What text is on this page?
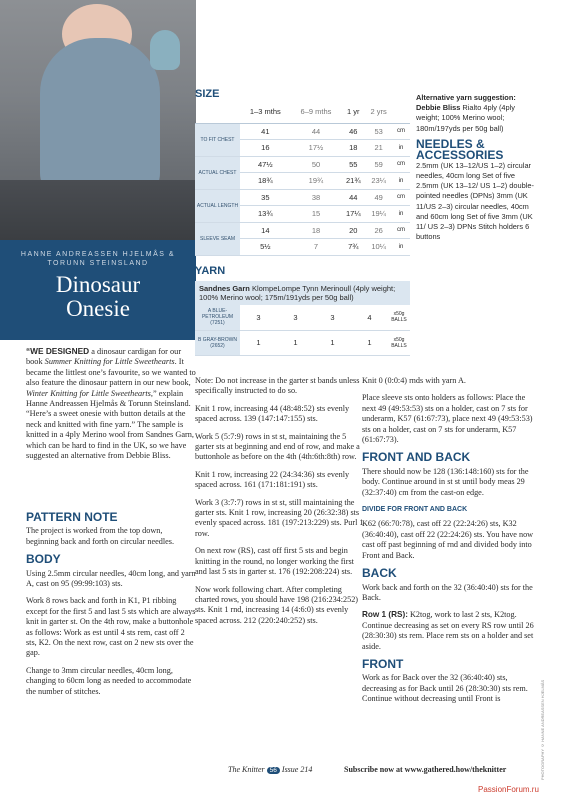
HANNE ANDREASSEN HJELMÅS & TORUNN STEINSLAND
Dinosaur
Onesie
“WE DESIGNED a dinosaur cardigan for our book Summer Knitting for Little Sweethearts. It became the littlest one’s favourite, so we wanted to also feature the dinosaur pattern in our new book, Winter Knitting for Little Sweethearts,” explain Hanne Andreassen Hjelmås & Torunn Steinsland. “Here’s a sweet onesie with button details at the neck and knitted with fine yarn.” The sample is knitted in a 4ply Merino wool from Sandnes Garn, which can be hard to find in the UK, so we have suggested an alternative from Debbie Bliss.
PATTERN NOTE

The project is worked from the top down, beginning back and forth on circular needles.

BODY

Using 2.5mm circular needles, 40cm long, and yarn A, cast on 95 (99:99:103) sts.

Work 8 rows back and forth in K1, P1 ribbing except for the first 5 and last 5 sts which are always knit in garter st. On the 4th row, make a buttonhole as follows: Work as est until 4 sts rem, cast off 2 sts, K2. On the next row, cast on 2 new sts over the gap.

Change to 3mm circular needles, 40cm long, changing to 60cm long as needed to accommodate the number of stitches.

Note: Do not increase in the garter st bands unless specifically instructed to do so.

Knit 1 row, increasing 44 (48:48:52) sts evenly spaced across. 139 (147:147:155) sts.

Work 5 (5:7:9) rows in st st, maintaining the 5 garter sts at beginning and end of row, and make a buttonhole as before on the 4th (4th:6th:8th) row.

Knit 1 row, increasing 22 (24:34:36) sts evenly spaced across. 161 (171:181:191) sts.

Work 3 (3:7:7) rows in st st, still maintaining the garter sts. Knit 1 row, increasing 20 (26:32:38) sts evenly spaced across. 181 (197:213:229) sts. Purl 1 row.

On next row (RS), cast off first 5 sts and begin knitting in the round, no longer working the first and last 5 sts in garter st. 176 (192:208:224) sts.

Now work following chart. After completing charted rows, you should have 198 (216:234:252) sts. Knit 1 rnd, increasing 14 (4:6:0) sts evenly spaced across. 212 (220:240:252) sts.

Knit 0 (0:0:4) rnds with yarn A.

Place sleeve sts onto holders as follows: Place the next 49 (49:53:53) sts on a holder, cast on 7 sts for underarm, K57 (61:67:73), place next 49 (49:53:53) sts on a holder, cast on 7 sts for underarm, K57 (61:67:73).

FRONT AND BACK

There should now be 128 (136:148:160) sts for the body. Continue around in st st until body meas 29 (32:37:40) cm from the cast-on edge.

DIVIDE FOR FRONT AND BACK

K62 (66:70:78), cast off 22 (22:24:26) sts, K32 (36:40:40), cast off 22 (22:24:26) sts. You have now cast off past beginning of rnd and divided body into Front and Back.

BACK

Work back and forth on the 32 (36:40:40) sts for the Back.

Row 1 (RS): K2tog, work to last 2 sts, K2tog. Continue decreasing as set on every RS row until 26 (28:30:30) sts rem. Place rem sts on a holder and set aside.

FRONT

Work as for Back over the 32 (36:40:40) sts, decreasing as for Back until 26 (28:30:30) sts rem. Continue without decreasing until Front is

SIZE
	1–3 mths	6–9 mths	1 yr	2 yrs	
TO FIT CHEST	41	44	46	53	cm
	16	17½	18	21	in
ACTUAL CHEST	47½	50	55	59	cm
	18¾	19¾	21¾	23¼	in
ACTUAL LENGTH	35	38	44	49	cm
	13¾	15	17¼	19¼	in
SLEEVE SEAM	14	18	20	26	cm
	5½	7	7¾	10¼	in
YARN
Sandnes Garn KlompeLompe Tynn Merinoull (4ply weight; 100% Merino wool; 175m/191yds per 50g ball)
A BLUE-PETROLEUM (7251)	3	3	3	4	x50g BALLS
B GRAY-BROWN (2652)	1	1	1	1	x50g BALLS
Alternative yarn suggestion:
Debbie Bliss Rialto 4ply (4ply weight; 100% Merino wool; 180m/197yds per 50g ball)
NEEDLES &
ACCESSORIES
2.5mm (UK 13–12/US 1–2) circular needles, 40cm long Set of five 2.5mm (UK 13–12/ US 1–2) double-pointed needles (DPNs) 3mm (UK 11/US 2–3) circular needles, 40cm and 60cm long Set of five 3mm (UK 11/ US 2–3) DPNs Stitch holders 6 buttons
PHOTOGRAPHY © HANNE ANDREASSEN HJELMÅS
The Knitter 56 Issue 214	Subscribe now at www.gathered.how/theknitter
PassionForum.ru
